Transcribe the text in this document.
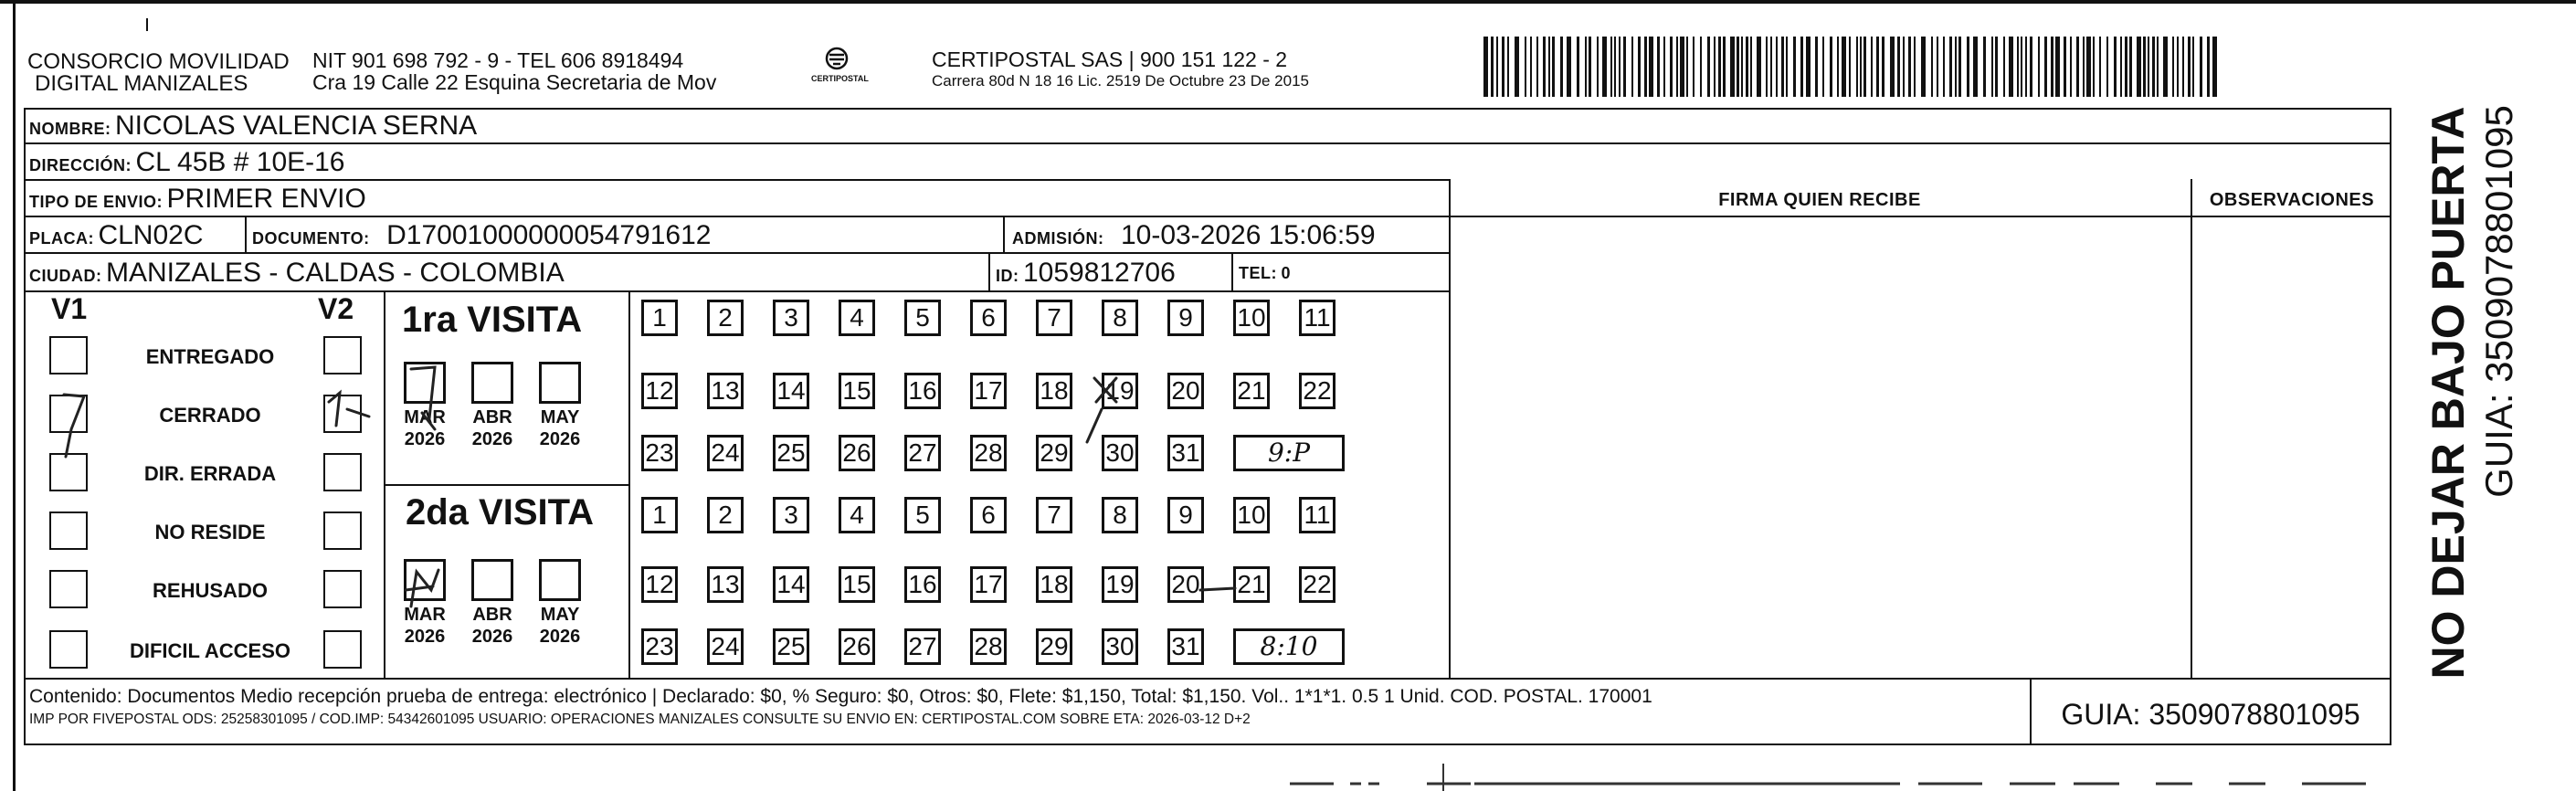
CONSORCIO MOVILIDAD
DIGITAL MANIZALES
NIT 901 698 792 - 9 - TEL 606 8918494
Cra 19 Calle 22 Esquina Secretaria de Mov	CERTIPOSTAL
CERTIPOSTAL SAS | 900 151 122 - 2
Carrera 80d N 18 16 Lic. 2519 De Octubre 23 De 2015
NOMBRE: NICOLAS VALENCIA SERNA
DIRECCIÓN: CL 45B # 10E-16
TIPO DE ENVIO: PRIMER ENVIO
PLACA: CLN02C	DOCUMENTO: D17001000000054791612	ADMISIÓN: 10-03-2026 15:06:59
CIUDAD: MANIZALES - CALDAS - COLOMBIA	ID: 1059812706	TEL: 0
FIRMA QUIEN RECIBE	OBSERVACIONES
V1	V2
ENTREGADO
CERRADO
DIR. ERRADA
NO RESIDE
REHUSADO
DIFICIL ACCESO
1ra VISITA
2da VISITA
1	2	3	4	5	6	7	8	9	10 11
12 13 14 15 16 17 18 19 20 21 22
23 24 25 26 27 28 29 30 31	9:P
MAR
2026
ABR
2026
MAY
2026
1	2	3	4	5	6	7	8	9	10 11
12 13 14 15 16 17 18 19 20 21 22
23 24 25 26 27 28 29 30 31	8:10
MAR
2026
ABR
2026
MAY
2026
Contenido: Documentos Medio recepción prueba de entrega: electrónico | Declarado: $0, % Seguro: $0, Otros: $0, Flete: $1,150, Total: $1,150. Vol.. 1*1*1. 0.5 1 Unid. COD. POSTAL. 170001
IMP POR FIVEPOSTAL ODS: 25258301095 / COD.IMP: 54342601095 USUARIO: OPERACIONES MANIZALES CONSULTE SU ENVIO EN: CERTIPOSTAL.COM SOBRE ETA: 2026-03-12 D+2	GUIA: 3509078801095
NO DEJAR BAJO PUERTA GUIA: 3509078801095
